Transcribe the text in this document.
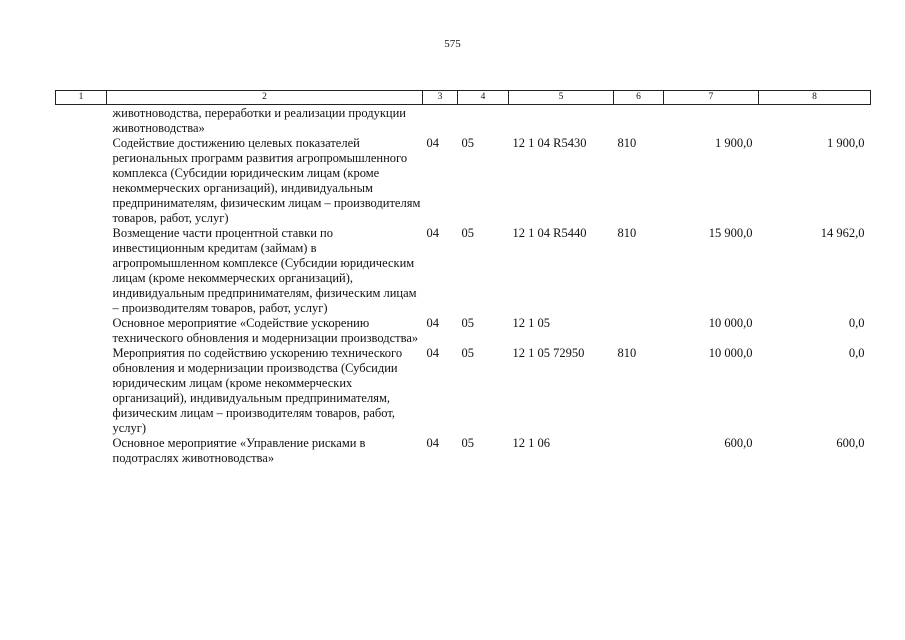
575
1	2	3	4	5	6	7	8
	животноводства, переработки и реализации продукции животноводства»						
	Содействие достижению целевых показателей региональных программ развития агропромышленного комплекса (Субсидии юридическим лицам (кроме некоммерческих организаций), индивидуальным предпринимателям, физическим лицам – производителям товаров, работ, услуг)	04	05	12 1 04 R5430	810	1 900,0	1 900,0
	Возмещение части процентной ставки по инвестиционным кредитам (займам) в агропромышленном комплексе (Субсидии юридическим лицам (кроме некоммерческих организаций), индивидуальным предпринимателям, физическим лицам – производителям товаров, работ, услуг)	04	05	12 1 04 R5440	810	15 900,0	14 962,0
	Основное мероприятие «Содействие ускорению технического обновления и модернизации производства»	04	05	12 1 05		10 000,0	0,0
	Мероприятия по содействию ускорению технического обновления и модернизации производства (Субсидии юридическим лицам (кроме некоммерческих организаций), индивидуальным предпринимателям, физическим лицам – производителям товаров, работ, услуг)	04	05	12 1 05 72950	810	10 000,0	0,0
	Основное мероприятие «Управление рисками в подотраслях животноводства»	04	05	12 1 06		600,0	600,0
